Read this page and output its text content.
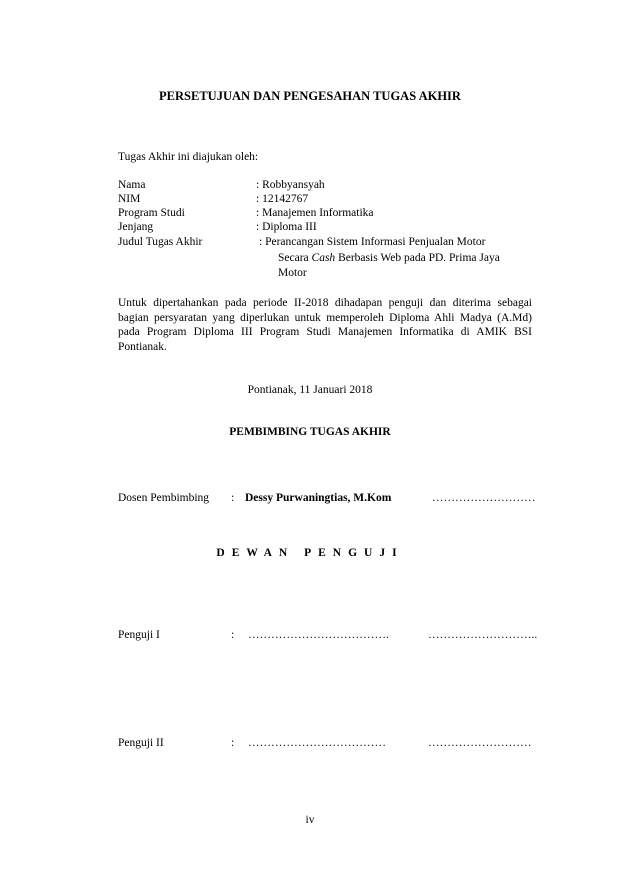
PERSETUJUAN DAN PENGESAHAN TUGAS AKHIR
Tugas Akhir ini diajukan oleh:
Nama	: Robbyansyah
NIM	: 12142767
Program Studi	: Manajemen Informatika
Jenjang	: Diploma III
Judul Tugas Akhir	: Perancangan Sistem Informasi Penjualan Motor
Secara Cash Berbasis Web pada PD. Prima Jaya
Motor
Untuk dipertahankan pada periode II-2018 dihadapan penguji dan diterima sebagai bagian persyaratan yang diperlukan untuk memperoleh Diploma Ahli Madya (A.Md) pada Program Diploma III Program Studi Manajemen Informatika di AMIK BSI Pontianak.
Pontianak, 11 Januari 2018
PEMBIMBING TUGAS AKHIR
Dosen Pembimbing : Dessy Purwaningtias, M.Kom	………………………
DEWAN PENGUJI
Penguji I	: ……………………………….	………………………..
Penguji II	: ………………………………	………………………
iv
